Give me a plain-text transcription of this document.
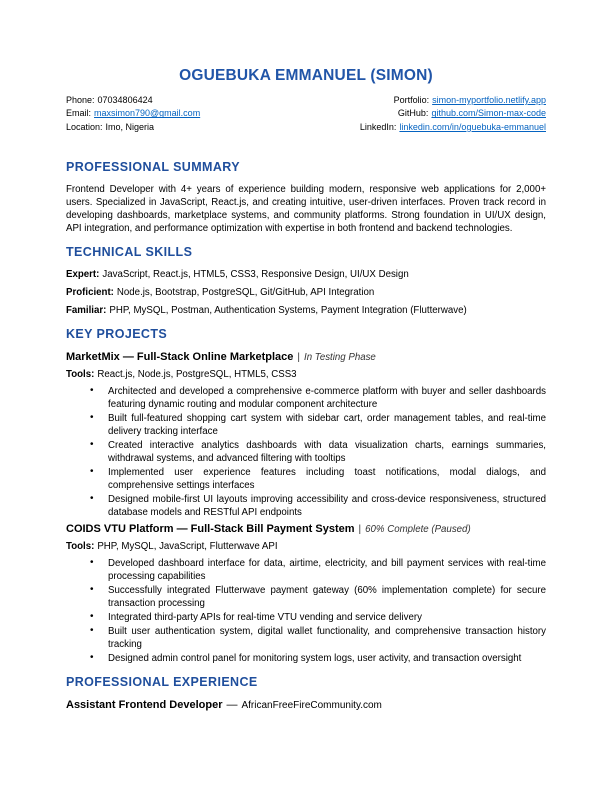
OGUEBUKA EMMANUEL (SIMON)
Phone: 07034806424
Email: maxsimon790@gmail.com
Location: Imo, Nigeria
Portfolio: simon-myportfolio.netlify.app
GitHub: github.com/Simon-max-code
LinkedIn: linkedin.com/in/oguebuka-emmanuel
PROFESSIONAL SUMMARY

Frontend Developer with 4+ years of experience building modern, responsive web applications for 2,000+ users. Specialized in JavaScript, React.js, and creating intuitive, user-driven interfaces. Proven track record in developing dashboards, marketplace systems, and community platforms. Strong foundation in UI/UX design, API integration, and performance optimization with expertise in both frontend and backend technologies.

TECHNICAL SKILLS
Expert: JavaScript, React.js, HTML5, CSS3, Responsive Design, UI/UX Design
Proficient: Node.js, Bootstrap, PostgreSQL, Git/GitHub, API Integration
Familiar: PHP, MySQL, Postman, Authentication Systems, Payment Integration (Flutterwave)
KEY PROJECTS
MarketMix — Full-Stack Online Marketplace | In Testing Phase
Tools: React.js, Node.js, PostgreSQL, HTML5, CSS3
• Architected and developed a comprehensive e-commerce platform with buyer and seller dashboards featuring dynamic routing and modular component architecture
• Built full-featured shopping cart system with sidebar cart, order management tables, and real-time delivery tracking interface
• Created interactive analytics dashboards with data visualization charts, earnings summaries, withdrawal systems, and advanced filtering with tooltips
• Implemented user experience features including toast notifications, modal dialogs, and comprehensive settings interfaces
• Designed mobile-first UI layouts improving accessibility and cross-device responsiveness, structured database models and RESTful API endpoints
COIDS VTU Platform — Full-Stack Bill Payment System | 60% Complete (Paused)
Tools: PHP, MySQL, JavaScript, Flutterwave API
• Developed dashboard interface for data, airtime, electricity, and bill payment services with real-time processing capabilities
• Successfully integrated Flutterwave payment gateway (60% implementation complete) for secure transaction processing
• Integrated third-party APIs for real-time VTU vending and service delivery
• Built user authentication system, digital wallet functionality, and comprehensive transaction history tracking
• Designed admin control panel for monitoring system logs, user activity, and transaction oversight
PROFESSIONAL EXPERIENCE
Assistant Frontend Developer — AfricanFreeFireCommunity.com
